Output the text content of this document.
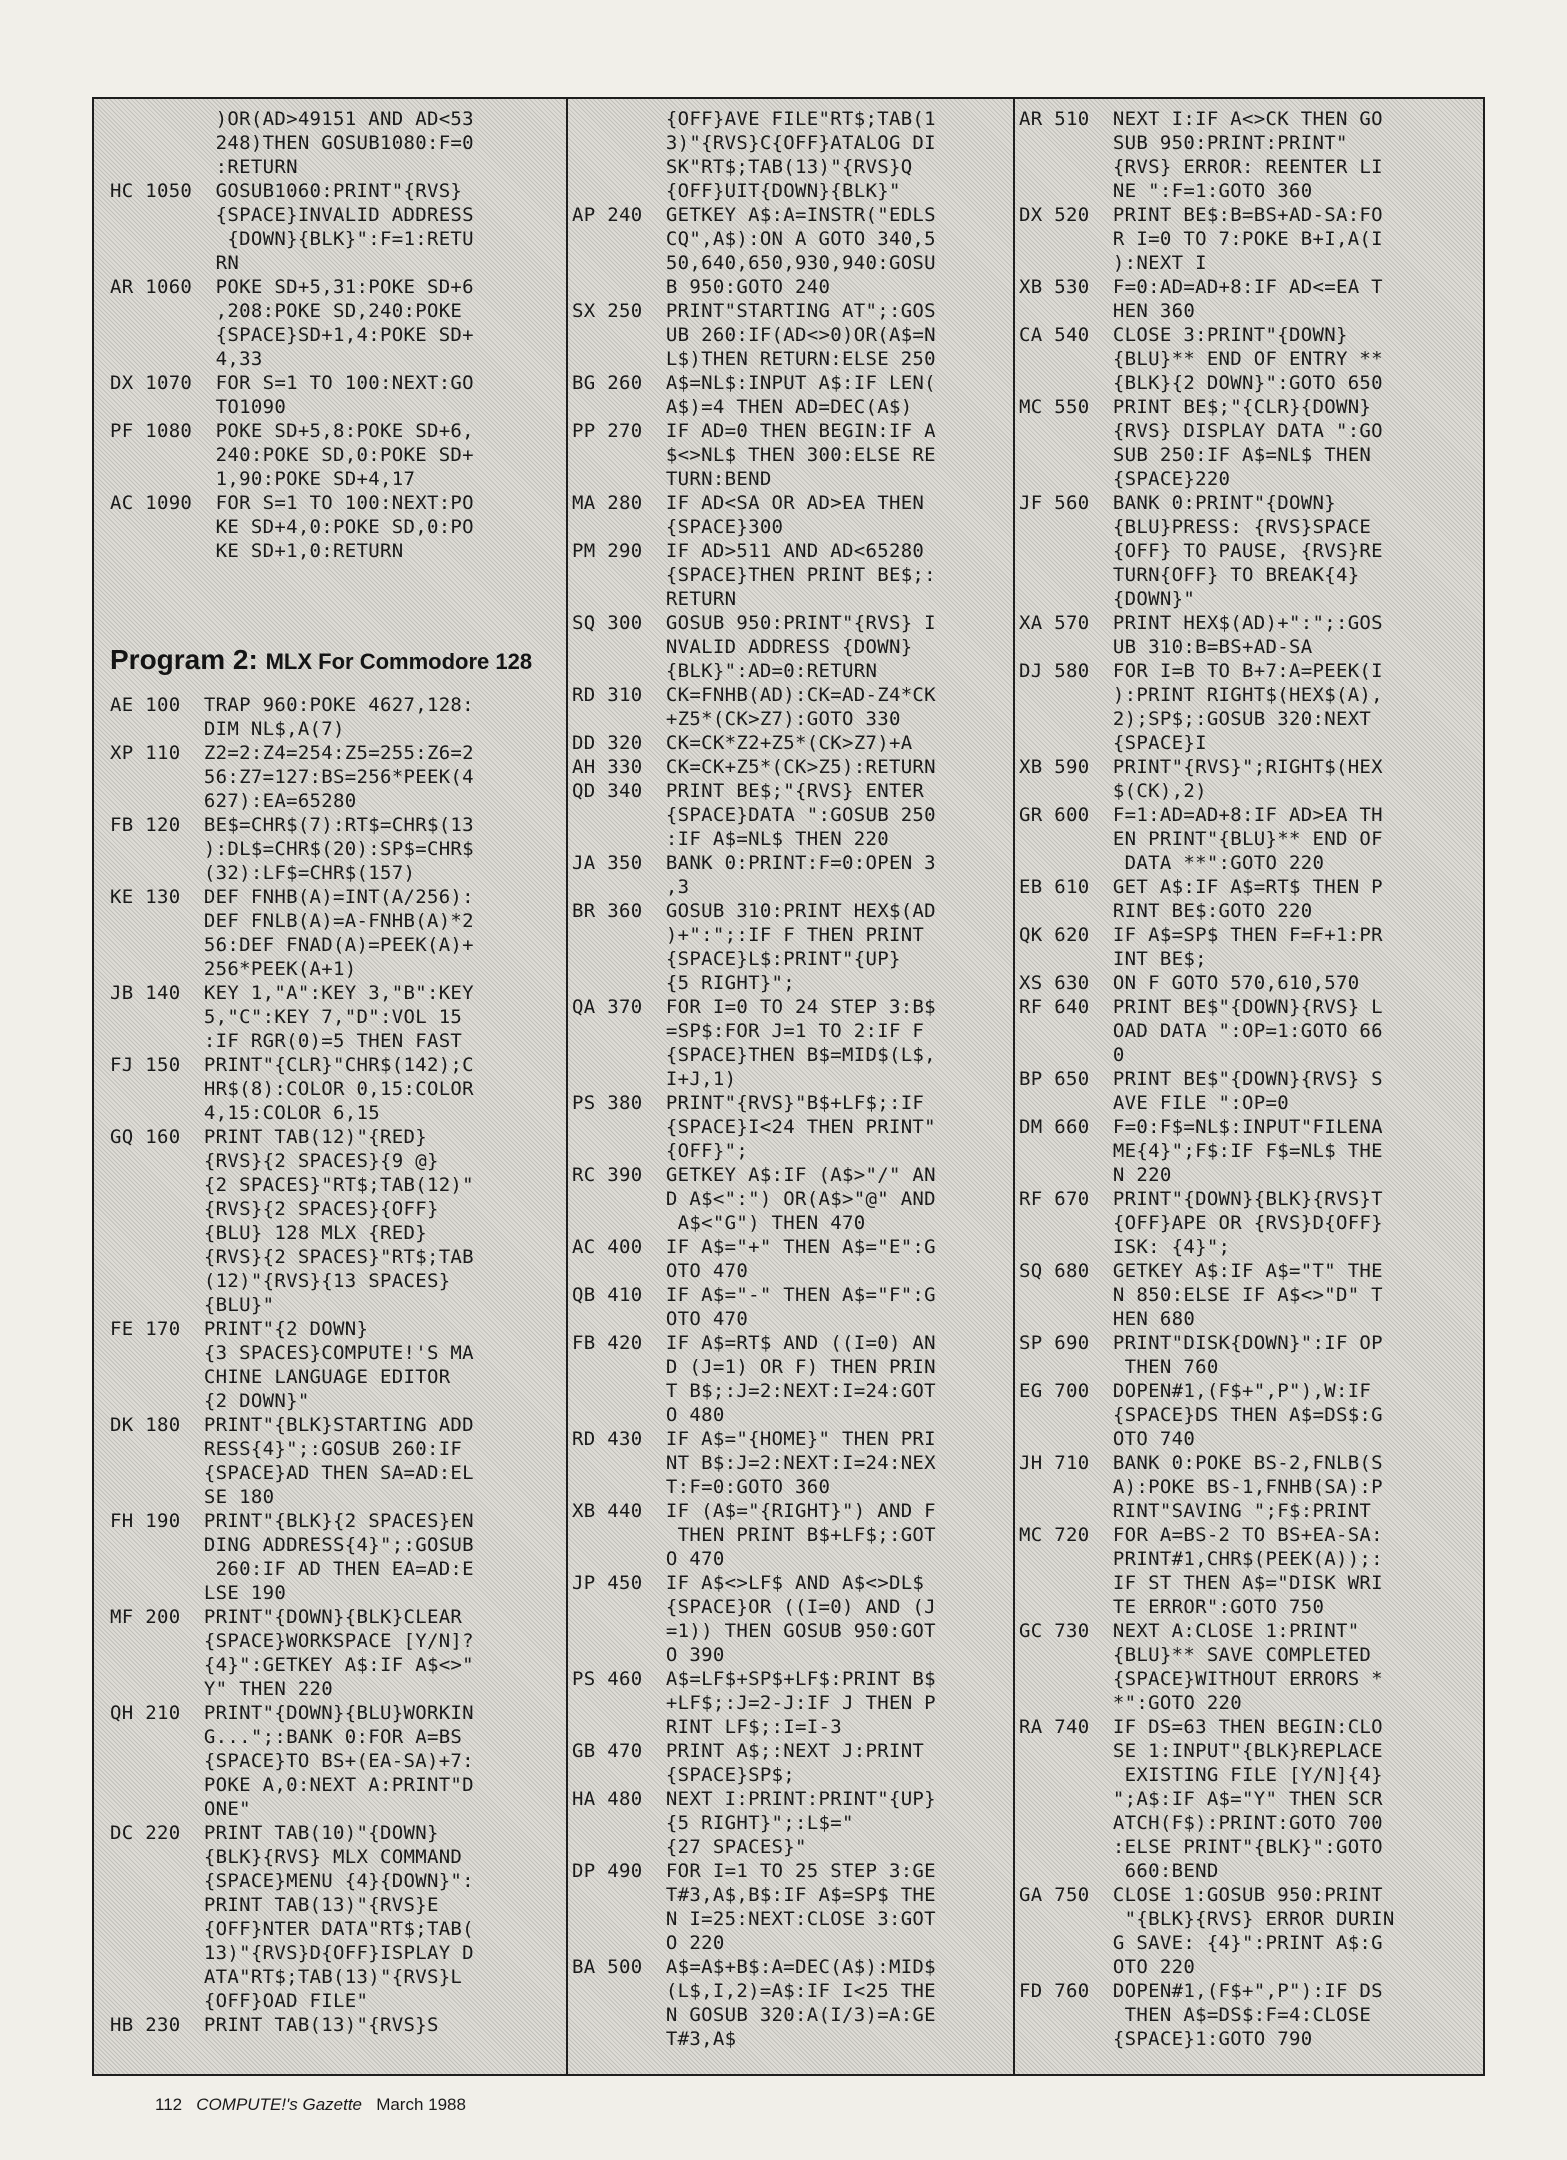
)OR(AD>49151 AND AD<53
248)THEN GOSUB1080:F=0
:RETURN
HC 1050  GOSUB1060:PRINT"{RVS}
{SPACE}INVALID ADDRESS
{DOWN}{BLK}":F=1:RETU
RN
AR 1060  POKE SD+5,31:POKE SD+6
,208:POKE SD,240:POKE
{SPACE}SD+1,4:POKE SD+
4,33
DX 1070  FOR S=1 TO 100:NEXT:GO
TO1090
PF 1080  POKE SD+5,8:POKE SD+6,
240:POKE SD,0:POKE SD+
1,90:POKE SD+4,17
AC 1090  FOR S=1 TO 100:NEXT:PO
KE SD+4,0:POKE SD,0:PO
KE SD+1,0:RETURN
Program 2: MLX For Commodore 128
AE 100  TRAP 960:POKE 4627,128:
DIM NL$,A(7)
XP 110  Z2=2:Z4=254:Z5=255:Z6=2
56:Z7=127:BS=256*PEEK(4
627):EA=65280
FB 120  BE$=CHR$(7):RT$=CHR$(13
):DL$=CHR$(20):SP$=CHR$
(32):LF$=CHR$(157)
KE 130  DEF FNHB(A)=INT(A/256):
DEF FNLB(A)=A-FNHB(A)*2
56:DEF FNAD(A)=PEEK(A)+
256*PEEK(A+1)
JB 140  KEY 1,"A":KEY 3,"B":KEY
5,"C":KEY 7,"D":VOL 15
:IF RGR(0)=5 THEN FAST
FJ 150  PRINT"{CLR}"CHR$(142);C
HR$(8):COLOR 0,15:COLOR
4,15:COLOR 6,15
GQ 160  PRINT TAB(12)"{RED}
{RVS}{2 SPACES}{9 @}
{2 SPACES}"RT$;TAB(12)"
{RVS}{2 SPACES}{OFF}
{BLU} 128 MLX {RED}
{RVS}{2 SPACES}"RT$;TAB
(12)"{RVS}{13 SPACES}
{BLU}"
FE 170  PRINT"{2 DOWN}
{3 SPACES}COMPUTE!'S MA
CHINE LANGUAGE EDITOR
{2 DOWN}"
DK 180  PRINT"{BLK}STARTING ADD
RESS{4}";:GOSUB 260:IF
{SPACE}AD THEN SA=AD:EL
SE 180
FH 190  PRINT"{BLK}{2 SPACES}EN
DING ADDRESS{4}";:GOSUB
260:IF AD THEN EA=AD:E
LSE 190
MF 200  PRINT"{DOWN}{BLK}CLEAR
{SPACE}WORKSPACE [Y/N]?
{4}":GETKEY A$:IF A$<>"
Y" THEN 220
QH 210  PRINT"{DOWN}{BLU}WORKIN
G...";:BANK 0:FOR A=BS
{SPACE}TO BS+(EA-SA)+7:
POKE A,0:NEXT A:PRINT"D
ONE"
DC 220  PRINT TAB(10)"{DOWN}
{BLK}{RVS} MLX COMMAND
{SPACE}MENU {4}{DOWN}":
PRINT TAB(13)"{RVS}E
{OFF}NTER DATA"RT$;TAB(
13)"{RVS}D{OFF}ISPLAY D
ATA"RT$;TAB(13)"{RVS}L
{OFF}OAD FILE"
HB 230  PRINT TAB(13)"{RVS}S
{OFF}AVE FILE"RT$;TAB(1
3)"{RVS}C{OFF}ATALOG DI
SK"RT$;TAB(13)"{RVS}Q
{OFF}UIT{DOWN}{BLK}"
AP 240  GETKEY A$:A=INSTR("EDLS
CQ",A$):ON A GOTO 340,5
50,640,650,930,940:GOSU
B 950:GOTO 240
SX 250  PRINT"STARTING AT";:GOS
UB 260:IF(AD<>0)OR(A$=N
L$)THEN RETURN:ELSE 250
BG 260  A$=NL$:INPUT A$:IF LEN(
A$)=4 THEN AD=DEC(A$)
PP 270  IF AD=0 THEN BEGIN:IF A
$<>NL$ THEN 300:ELSE RE
TURN:BEND
MA 280  IF AD<SA OR AD>EA THEN
{SPACE}300
PM 290  IF AD>511 AND AD<65280
{SPACE}THEN PRINT BE$;:
RETURN
SQ 300  GOSUB 950:PRINT"{RVS} I
NVALID ADDRESS {DOWN}
{BLK}":AD=0:RETURN
RD 310  CK=FNHB(AD):CK=AD-Z4*CK
+Z5*(CK>Z7):GOTO 330
DD 320  CK=CK*Z2+Z5*(CK>Z7)+A
AH 330  CK=CK+Z5*(CK>Z5):RETURN
QD 340  PRINT BE$;"{RVS} ENTER
{SPACE}DATA ":GOSUB 250
:IF A$=NL$ THEN 220
JA 350  BANK 0:PRINT:F=0:OPEN 3
,3
BR 360  GOSUB 310:PRINT HEX$(AD
)+":";:IF F THEN PRINT
{SPACE}L$:PRINT"{UP}
{5 RIGHT}";
QA 370  FOR I=0 TO 24 STEP 3:B$
=SP$:FOR J=1 TO 2:IF F
{SPACE}THEN B$=MID$(L$,
I+J,1)
PS 380  PRINT"{RVS}"B$+LF$;:IF
{SPACE}I<24 THEN PRINT"
{OFF}";
RC 390  GETKEY A$:IF (A$>"/" AN
D A$<":") OR(A$>"@" AND
A$<"G") THEN 470
AC 400  IF A$="+" THEN A$="E":G
OTO 470
QB 410  IF A$="-" THEN A$="F":G
OTO 470
FB 420  IF A$=RT$ AND ((I=0) AN
D (J=1) OR F) THEN PRIN
T B$;:J=2:NEXT:I=24:GOT
O 480
RD 430  IF A$="{HOME}" THEN PRI
NT B$:J=2:NEXT:I=24:NEX
T:F=0:GOTO 360
XB 440  IF (A$="{RIGHT}") AND F
THEN PRINT B$+LF$;:GOT
O 470
JP 450  IF A$<>LF$ AND A$<>DL$
{SPACE}OR ((I=0) AND (J
=1)) THEN GOSUB 950:GOT
O 390
PS 460  A$=LF$+SP$+LF$:PRINT B$
+LF$;:J=2-J:IF J THEN P
RINT LF$;:I=I-3
GB 470  PRINT A$;:NEXT J:PRINT
{SPACE}SP$;
HA 480  NEXT I:PRINT:PRINT"{UP}
{5 RIGHT}";:L$="
{27 SPACES}"
DP 490  FOR I=1 TO 25 STEP 3:GE
T#3,A$,B$:IF A$=SP$ THE
N I=25:NEXT:CLOSE 3:GOT
O 220
BA 500  A$=A$+B$:A=DEC(A$):MID$
(L$,I,2)=A$:IF I<25 THE
N GOSUB 320:A(I/3)=A:GE
T#3,A$
AR 510  NEXT I:IF A<>CK THEN GO
SUB 950:PRINT:PRINT"
{RVS} ERROR: REENTER LI
NE ":F=1:GOTO 360
DX 520  PRINT BE$:B=BS+AD-SA:FO
R I=0 TO 7:POKE B+I,A(I
):NEXT I
XB 530  F=0:AD=AD+8:IF AD<=EA T
HEN 360
CA 540  CLOSE 3:PRINT"{DOWN}
{BLU}** END OF ENTRY **
{BLK}{2 DOWN}":GOTO 650
MC 550  PRINT BE$;"{CLR}{DOWN}
{RVS} DISPLAY DATA ":GO
SUB 250:IF A$=NL$ THEN
{SPACE}220
JF 560  BANK 0:PRINT"{DOWN}
{BLU}PRESS: {RVS}SPACE
{OFF} TO PAUSE, {RVS}RE
TURN{OFF} TO BREAK{4}
{DOWN}"
XA 570  PRINT HEX$(AD)+":";:GOS
UB 310:B=BS+AD-SA
DJ 580  FOR I=B TO B+7:A=PEEK(I
):PRINT RIGHT$(HEX$(A),
2);SP$;:GOSUB 320:NEXT
{SPACE}I
XB 590  PRINT"{RVS}";RIGHT$(HEX
$(CK),2)
GR 600  F=1:AD=AD+8:IF AD>EA TH
EN PRINT"{BLU}** END OF
DATA **":GOTO 220
EB 610  GET A$:IF A$=RT$ THEN P
RINT BE$:GOTO 220
QK 620  IF A$=SP$ THEN F=F+1:PR
INT BE$;
XS 630  ON F GOTO 570,610,570
RF 640  PRINT BE$"{DOWN}{RVS} L
OAD DATA ":OP=1:GOTO 66
0
BP 650  PRINT BE$"{DOWN}{RVS} S
AVE FILE ":OP=0
DM 660  F=0:F$=NL$:INPUT"FILENA
ME{4}";F$:IF F$=NL$ THE
N 220
RF 670  PRINT"{DOWN}{BLK}{RVS}T
{OFF}APE OR {RVS}D{OFF}
ISK: {4}";
SQ 680  GETKEY A$:IF A$="T" THE
N 850:ELSE IF A$<>"D" T
HEN 680
SP 690  PRINT"DISK{DOWN}":IF OP
THEN 760
EG 700  DOPEN#1,(F$+",P"),W:IF
{SPACE}DS THEN A$=DS$:G
OTO 740
JH 710  BANK 0:POKE BS-2,FNLB(S
A):POKE BS-1,FNHB(SA):P
RINT"SAVING ";F$:PRINT
MC 720  FOR A=BS-2 TO BS+EA-SA:
PRINT#1,CHR$(PEEK(A));:
IF ST THEN A$="DISK WRI
TE ERROR":GOTO 750
GC 730  NEXT A:CLOSE 1:PRINT"
{BLU}** SAVE COMPLETED
{SPACE}WITHOUT ERRORS *
*":GOTO 220
RA 740  IF DS=63 THEN BEGIN:CLO
SE 1:INPUT"{BLK}REPLACE
EXISTING FILE [Y/N]{4}
";A$:IF A$="Y" THEN SCR
ATCH(F$):PRINT:GOTO 700
:ELSE PRINT"{BLK}":GOTO
660:BEND
GA 750  CLOSE 1:GOSUB 950:PRINT
"{BLK}{RVS} ERROR DURIN
G SAVE: {4}":PRINT A$:G
OTO 220
FD 760  DOPEN#1,(F$+",P"):IF DS
THEN A$=DS$:F=4:CLOSE
{SPACE}1:GOTO 790
112 COMPUTE!'s Gazette March 1988
